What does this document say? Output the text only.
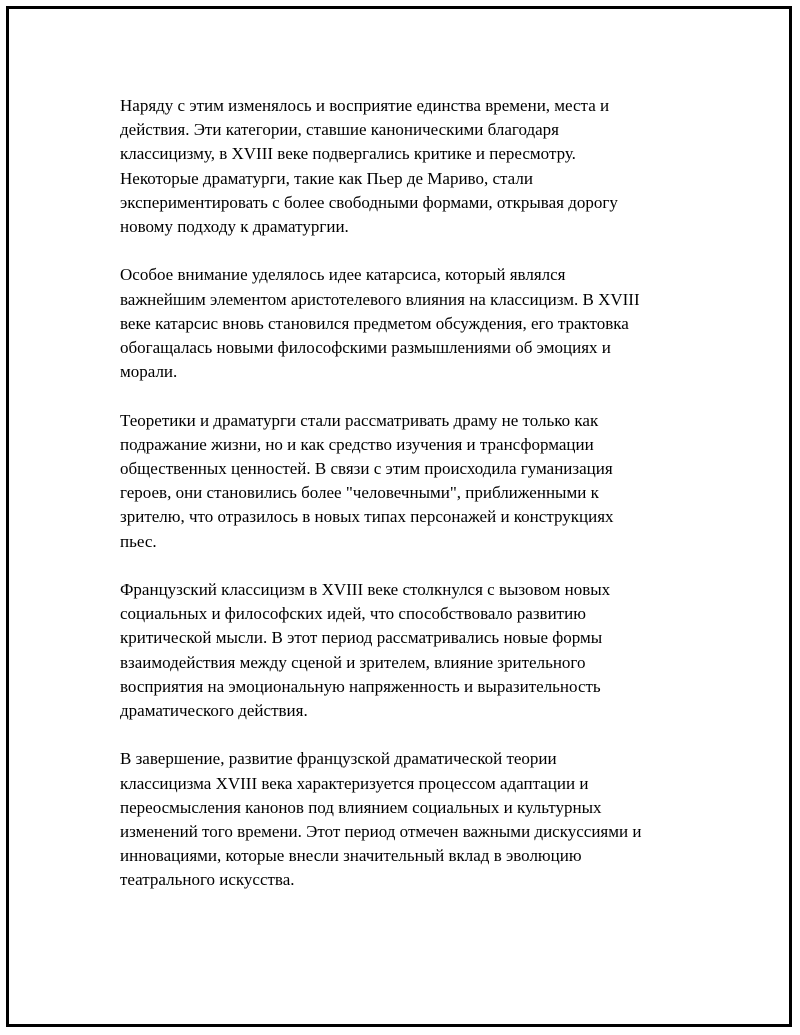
Наряду с этим изменялось и восприятие единства времени, места и
действия. Эти категории, ставшие каноническими благодаря
классицизму, в XVIII веке подвергались критике и пересмотру.
Некоторые драматурги, такие как Пьер де Мариво, стали
экспериментировать с более свободными формами, открывая дорогу
новому подходу к драматургии.

Особое внимание уделялось идее катарсиса, который являлся
важнейшим элементом аристотелевого влияния на классицизм. В XVIII
веке катарсис вновь становился предметом обсуждения, его трактовка
обогащалась новыми философскими размышлениями об эмоциях и
морали.

Теоретики и драматурги стали рассматривать драму не только как
подражание жизни, но и как средство изучения и трансформации
общественных ценностей. В связи с этим происходила гуманизация
героев, они становились более "человечными", приближенными к
зрителю, что отразилось в новых типах персонажей и конструкциях
пьес.

Французский классицизм в XVIII веке столкнулся с вызовом новых
социальных и философских идей, что способствовало развитию
критической мысли. В этот период рассматривались новые формы
взаимодействия между сценой и зрителем, влияние зрительного
восприятия на эмоциональную напряженность и выразительность
драматического действия.

В завершение, развитие французской драматической теории
классицизма XVIII века характеризуется процессом адаптации и
переосмысления канонов под влиянием социальных и культурных
изменений того времени. Этот период отмечен важными дискуссиями и
инновациями, которые внесли значительный вклад в эволюцию
театрального искусства.
